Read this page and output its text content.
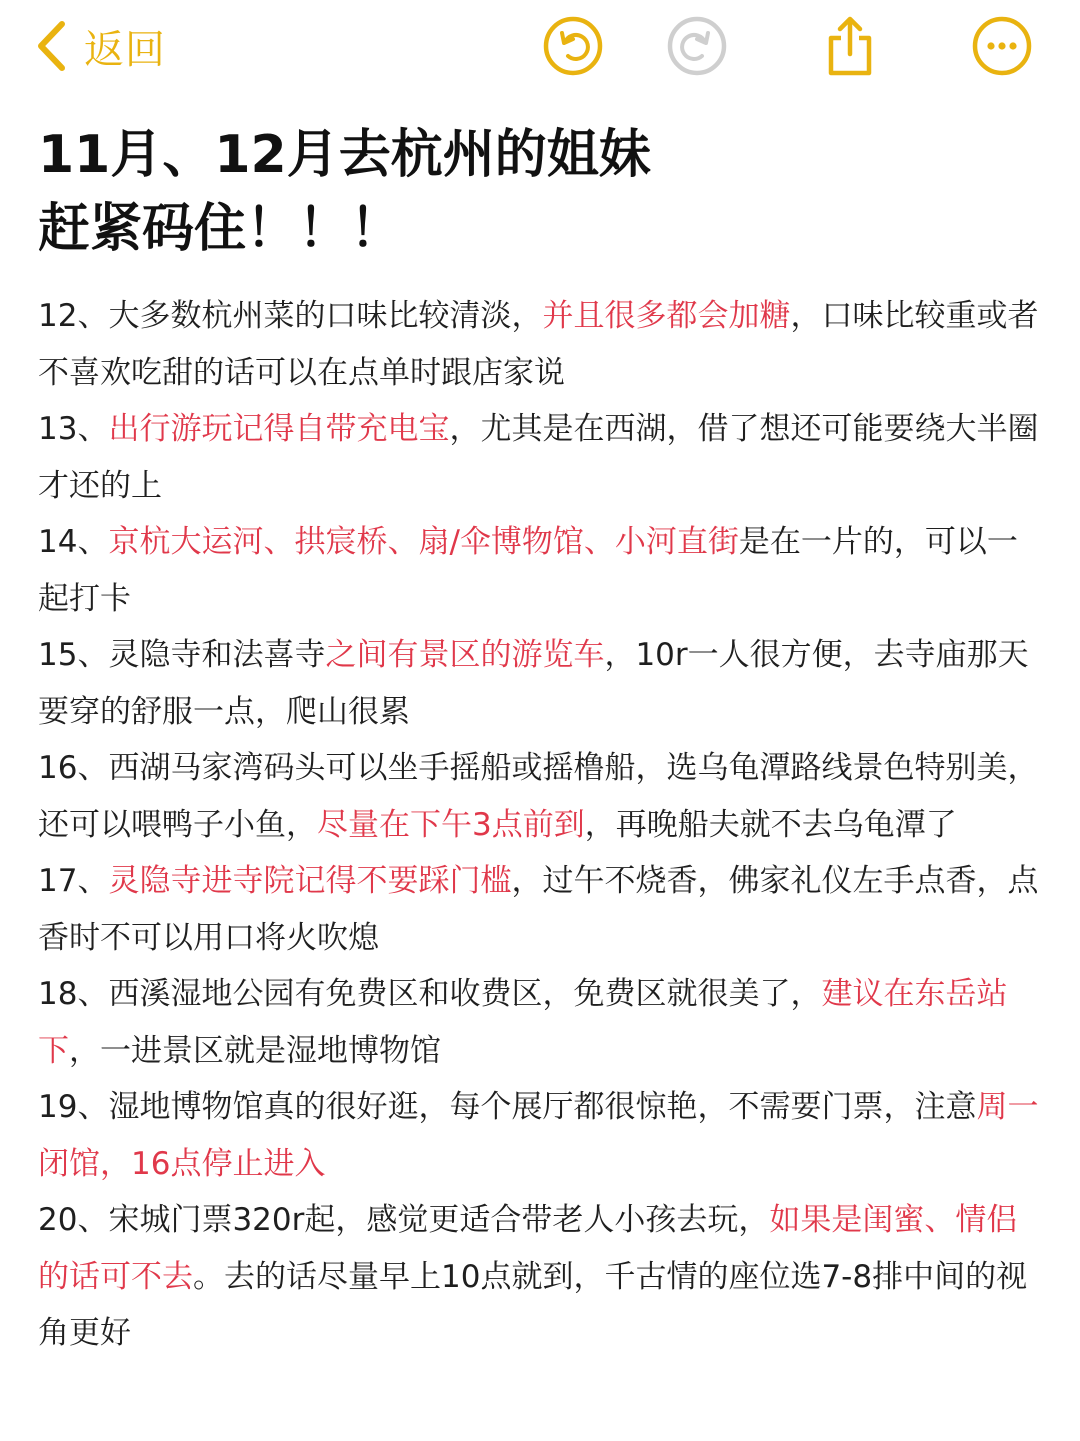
返回
11月、12月去杭州的姐妹
赶紧码住！！！
12、大多数杭州菜的口味比较清淡，并且很多都会加糖，口味比较重或者不喜欢吃甜的话可以在点单时跟店家说
13、出行游玩记得自带充电宝，尤其是在西湖，借了想还可能要绕大半圈才还的上
14、京杭大运河、拱宸桥、扇/伞博物馆、小河直街是在一片的，可以一起打卡
15、灵隐寺和法喜寺之间有景区的游览车，10r一人很方便，去寺庙那天要穿的舒服一点，爬山很累
16、西湖马家湾码头可以坐手摇船或摇橹船，选乌龟潭路线景色特别美，还可以喂鸭子小鱼，尽量在下午3点前到，再晚船夫就不去乌龟潭了
17、灵隐寺进寺院记得不要踩门槛，过午不烧香，佛家礼仪左手点香，点香时不可以用口将火吹熄
18、西溪湿地公园有免费区和收费区，免费区就很美了，建议在东岳站下，一进景区就是湿地博物馆
19、湿地博物馆真的很好逛，每个展厅都很惊艳，不需要门票，注意周一闭馆，16点停止进入
20、宋城门票320r起，感觉更适合带老人小孩去玩，如果是闺蜜、情侣的话可不去。去的话尽量早上10点就到，千古情的座位选7-8排中间的视角更好
